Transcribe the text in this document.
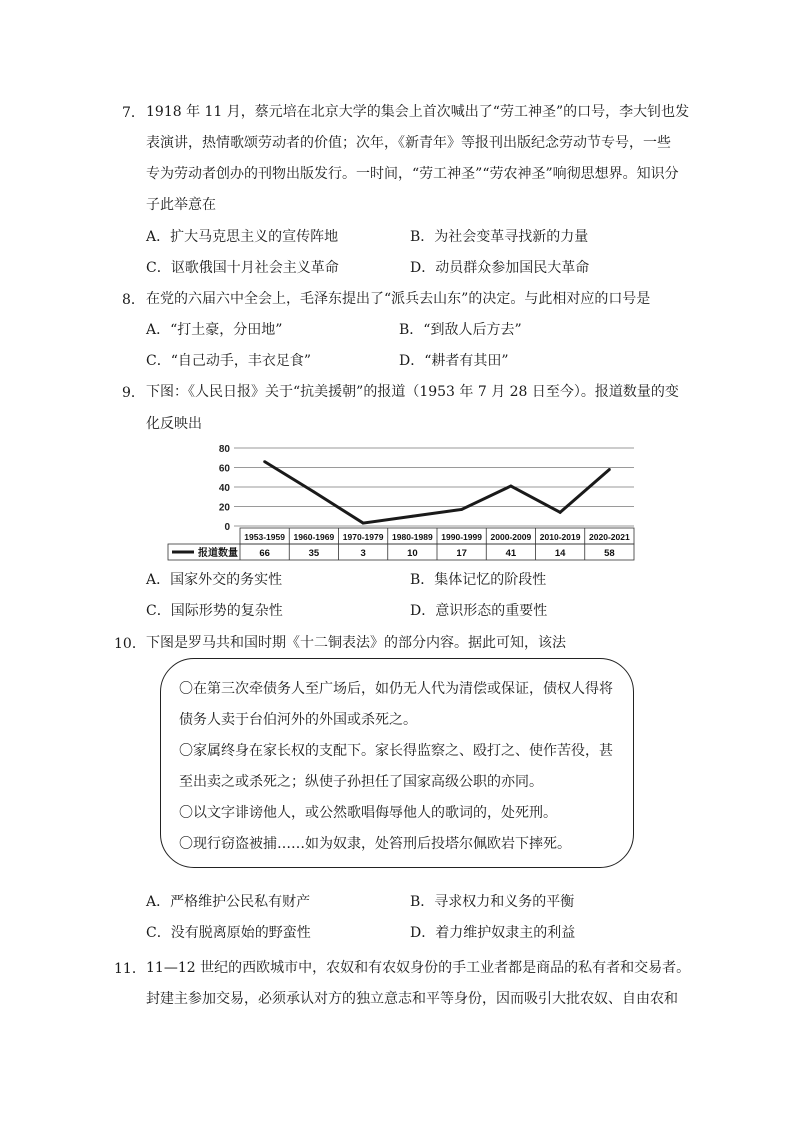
7． 1918 年 11 月，蔡元培在北京大学的集会上首次喊出了“劳工神圣”的口号，李大钊也发
表演讲，热情歌颂劳动者的价值；次年，《新青年》等报刊出版纪念劳动节专号，一些
专为劳动者创办的刊物出版发行。一时间，“劳工神圣”“劳农神圣”响彻思想界。知识分
子此举意在
A．扩大马克思主义的宣传阵地	B．为社会变革寻找新的力量
C．讴歌俄国十月社会主义革命	D．动员群众参加国民大革命
8． 在党的六届六中全会上，毛泽东提出了“派兵去山东”的决定。与此相对应的口号是
A．“打土豪，分田地”	B．“到敌人后方去”
C．“自己动手，丰衣足食”	D．“耕者有其田”
9． 下图：《人民日报》关于“抗美援朝”的报道（1953 年 7 月 28 日至今）。报道数量的变
化反映出
80
60
40
20
0
1953-1959 1960-1969 1970-1979 1980-1989 1990-1999 2000-2009 2010-2019 2020-2021
66	35	3	10	17	41	14	58
报道数量
A．国家外交的务实性	B．集体记忆的阶段性
C．国际形势的复杂性	D．意识形态的重要性
10． 下图是罗马共和国时期《十二铜表法》的部分内容。据此可知，该法
〇在第三次牵债务人至广场后，如仍无人代为清偿或保证，债权人得将
债务人卖于台伯河外的外国或杀死之。
〇家属终身在家长权的支配下。家长得监察之、殴打之、使作苦役，甚
至出卖之或杀死之；纵使子孙担任了国家高级公职的亦同。
〇以文字诽谤他人，或公然歌唱侮辱他人的歌词的，处死刑。
〇现行窃盗被捕……如为奴隶，处笞刑后投塔尔佩欧岩下摔死。
A．严格维护公民私有财产	B．寻求权力和义务的平衡
C．没有脱离原始的野蛮性	D．着力维护奴隶主的利益
11． 11—12 世纪的西欧城市中，农奴和有农奴身份的手工业者都是商品的私有者和交易者。
封建主参加交易，必须承认对方的独立意志和平等身份，因而吸引大批农奴、自由农和
